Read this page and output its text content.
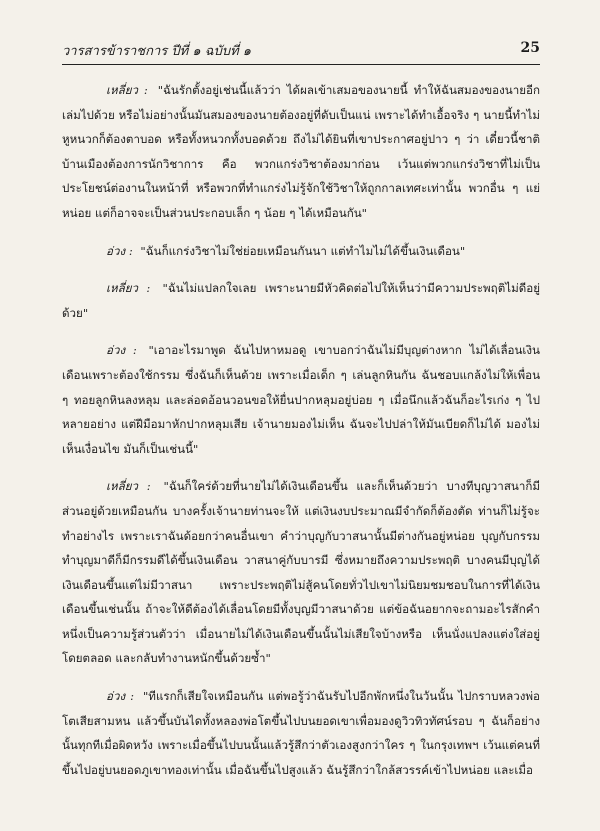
วารสารข้าราชการ ปีที่ ๑ ฉบับที่ ๑	25

เหลี่ยว : "ฉันรักตั้งอยู่เช่นนี้แล้วว่า ได้ผลเข้าเสมอของนายนี้ ทำให้ฉันสมองของนายอีกเล่มไปด้วย หรือไม่อย่างนั้นมันสมองของนายต้องอยู่ที่ดับเป็นแน่ เพราะได้ทำเอื้อจริง ๆ นายนี้ทำไม่หูหนวกก็ต้องตาบอด หรือทั้งหนวกทั้งบอดด้วย ถึงไม่ได้ยินที่เขาประกาศอยู่ปาว ๆ ว่า เดี๋ยวนี้ชาติบ้านเมืองต้องการนักวิชาการ คือ พวกแกร่งวิชาต้องมาก่อน เว้นแต่พวกแกร่งวิชาที่ไม่เป็นประโยชน์ต่องานในหน้าที่ หรือพวกที่ทำแกร่งไม่รู้จักใช้วิชาให้ถูกกาลเทศะเท่านั้น พวกอื่น ๆ แย่หน่อย แต่ก็อาจจะเป็นส่วนประกอบเล็ก ๆ น้อย ๆ ได้เหมือนกัน"

อ่วง : "ฉันก็แกร่งวิชาไม่ใช่ย่อยเหมือนกันนา แต่ทำไมไม่ได้ขึ้นเงินเดือน"

เหลี่ยว : "ฉันไม่แปลกใจเลย เพราะนายมีหัวคิดต่อไปให้เห็นว่ามีความประพฤติไม่ดีอยู่ด้วย"

อ่วง : "เอาอะไรมาพูด ฉันไปหาหมอดู เขาบอกว่าฉันไม่มีบุญต่างหาก ไม่ได้เลื่อนเงินเดือนเพราะต้องใช้กรรม ซึ่งฉันก็เห็นด้วย เพราะเมื่อเด็ก ๆ เล่นลูกหินกัน ฉันชอบแกล้งไม่ให้เพื่อน ๆ ทอยลูกหินลงหลุม และล่อดอ้อนวอนขอให้ยื่นปากหลุมอยู่บ่อย ๆ เมื่อนึกแล้วฉันก็อะไรเก่ง ๆ ไปหลายอย่าง แต่ฝีมือมาหักปากหลุมเสีย เจ้านายมองไม่เห็น ฉันจะไปปล่าให้มันเบียดก็ไม่ได้ มองไม่เห็นเงื่อนไข มันก็เป็นเช่นนี้"

เหลี่ยว : "ฉันก็ใคร่ด้วยที่นายไม่ได้เงินเดือนขึ้น และก็เห็นด้วยว่า บางทีบุญวาสนาก็มีส่วนอยู่ด้วยเหมือนกัน บางครั้งเจ้านายท่านจะให้ แต่เงินงบประมาณมีจำกัดก็ต้องตัด ท่านก็ไม่รู้จะทำอย่างไร เพราะเราฉันด้อยกว่าคนอื่นเขา คำว่าบุญกับวาสนานั้นมีต่างกันอยู่หน่อย บุญกับกรรมทำบุญมาดีก็มีกรรมดีได้ขึ้นเงินเดือน วาสนาคู่กับบารมี ซึ่งหมายถึงความประพฤติ บางคนมีบุญได้เงินเดือนขึ้นแต่ไม่มีวาสนา เพราะประพฤติไม่สู้คนโดยทั่วไปเขาไม่นิยมชมชอบในการที่ได้เงินเดือนขึ้นเช่นนั้น ถ้าจะให้ดีต้องได้เลื่อนโดยมีทั้งบุญมีวาสนาด้วย แต่ข้อฉันอยากจะถามอะไรสักคำหนึ่งเป็นความรู้ส่วนตัวว่า เมื่อนายไม่ได้เงินเดือนขึ้นนั้นไม่เสียใจบ้างหรือ เห็นนั่งแปลงแต่งใส่อยู่โดยตลอด และกลับทำงานหนักขึ้นด้วยซ้ำ"

อ่วง : "ทีแรกก็เสียใจเหมือนกัน แต่พอรู้ว่าฉันรับไปอีกพักหนึ่งในวันนั้น ไปกราบหลวงพ่อโตเสียสามหน แล้วขึ้นบันไดทั้งหลองพ่อโตขึ้นไปบนยอดเขาเพื่อมองดูวิวทิวทัศน์รอบ ๆ ฉันก็อย่างนั้นทุกทีเมื่อผิดหวัง เพราะเมื่อขึ้นไปบนนั้นแล้วรู้สึกว่าตัวเองสูงกว่าใคร ๆ ในกรุงเทพฯ เว้นแต่คนที่ขึ้นไปอยู่บนยอดภูเขาทองเท่านั้น เมื่อฉันขึ้นไปสูงแล้ว ฉันรู้สึกว่าใกล้สวรรค์เข้าไปหน่อย และเมื่อ
